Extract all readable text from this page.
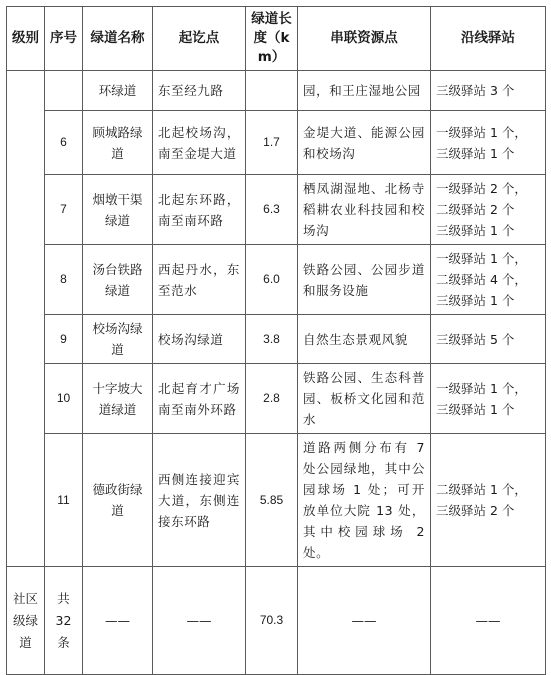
级别	序号	绿道名称	起讫点	绿道长度（km）	串联资源点	沿线驿站
		环绿道	东至经九路		园，和王庄湿地公园	三级驿站 3 个
	6	顾城路绿道	北起校场沟，南至金堤大道	1.7	金堤大道、能源公园和校场沟	一级驿站 1 个，
三级驿站 1 个
	7	烟墩干渠绿道	北起东环路，南至南环路	6.3	栖凤湖湿地、北杨寺稻耕农业科技园和校场沟	一级驿站 2 个，
二级驿站 2 个
三级驿站 1 个
	8	汤台铁路绿道	西起丹水，东至范水	6.0	铁路公园、公园步道和服务设施	一级驿站 1 个，
二级驿站 4 个，
三级驿站 1 个
	9	校场沟绿道	校场沟绿道	3.8	自然生态景观风貌	三级驿站 5 个
	10	十字坡大道绿道	北起育才广场南至南外环路	2.8	铁路公园、生态科普园、板桥文化园和范水	一级驿站 1 个，
三级驿站 1 个
	11	德政街绿道	西侧连接迎宾大道，东侧连接东环路	5.85	道路两侧分布有 7 处公园绿地，其中公园球场 1 处；可开放单位大院 13 处，其中校园球场 2 处。	二级驿站 1 个，
三级驿站 2 个
社区级绿道	共
32
条	——	——	70.3	——	——
